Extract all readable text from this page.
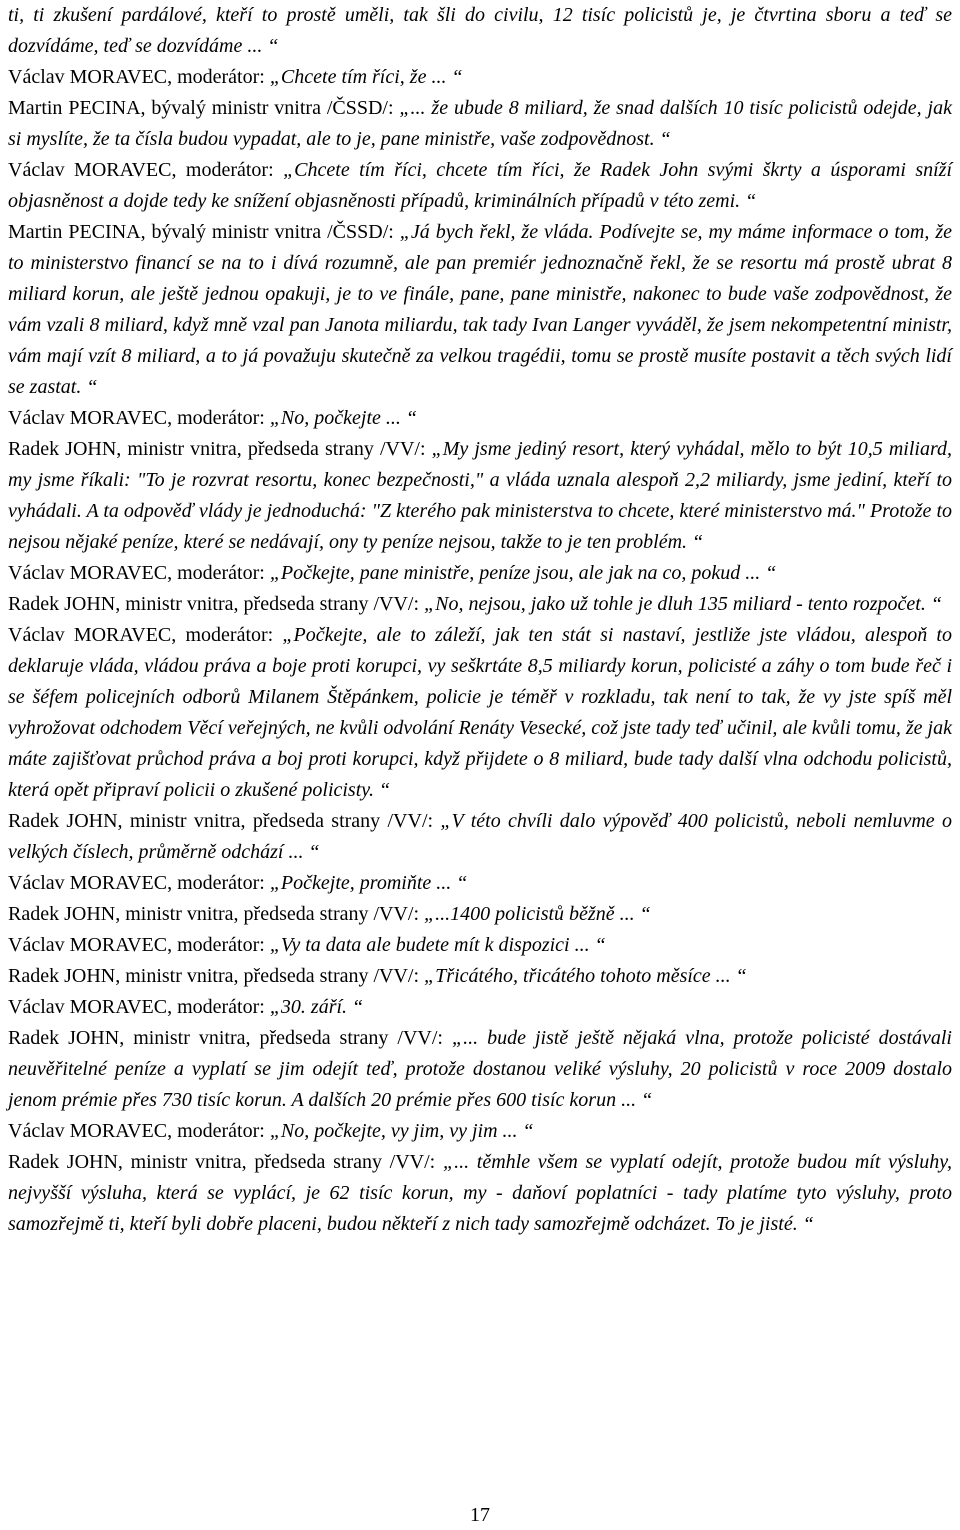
ti, ti zkušení pardálové, kteří to prostě uměli, tak šli do civilu, 12 tisíc policistů je, je čtvrtina sboru a teď se dozvídáme, teď se dozvídáme ... “

Václav MORAVEC, moderátor: „Chcete tím říci, že ... “

Martin PECINA, bývalý ministr vnitra /ČSSD/: „... že ubude 8 miliard, že snad dalších 10 tisíc policistů odejde, jak si myslíte, že ta čísla budou vypadat, ale to je, pane ministře, vaše zodpovědnost. “

Václav MORAVEC, moderátor: „Chcete tím říci, chcete tím říci, že Radek John svými škrty a úsporami sníží objasněnost a dojde tedy ke snížení objasněnosti případů, kriminálních případů v této zemi. “

Martin PECINA, bývalý ministr vnitra /ČSSD/: „Já bych řekl, že vláda. Podívejte se, my máme informace o tom, že to ministerstvo financí se na to i dívá rozumně, ale pan premiér jednoznačně řekl, že se resortu má prostě ubrat 8 miliard korun, ale ještě jednou opakuji, je to ve finále, pane, pane ministře, nakonec to bude vaše zodpovědnost, že vám vzali 8 miliard, když mně vzal pan Janota miliardu, tak tady Ivan Langer vyváděl, že jsem nekompetentní ministr, vám mají vzít 8 miliard, a to já považuju skutečně za velkou tragédii, tomu se prostě musíte postavit a těch svých lidí se zastat. “

Václav MORAVEC, moderátor: „No, počkejte ... “

Radek JOHN, ministr vnitra, předseda strany /VV/: „My jsme jediný resort, který vyhádal, mělo to být 10,5 miliard, my jsme říkali: "To je rozvrat resortu, konec bezpečnosti," a vláda uznala alespoň 2,2 miliardy, jsme jediní, kteří to vyhádali. A ta odpověď vlády je jednoduchá: "Z kterého pak ministerstva to chcete, které ministerstvo má." Protože to nejsou nějaké peníze, které se nedávají, ony ty peníze nejsou, takže to je ten problém. “

Václav MORAVEC, moderátor: „Počkejte, pane ministře, peníze jsou, ale jak na co, pokud ... “

Radek JOHN, ministr vnitra, předseda strany /VV/: „No, nejsou, jako už tohle je dluh 135 miliard - tento rozpočet. “

Václav MORAVEC, moderátor: „Počkejte, ale to záleží, jak ten stát si nastaví, jestliže jste vládou, alespoň to deklaruje vláda, vládou práva a boje proti korupci, vy seškrtáte 8,5 miliardy korun, policisté a záhy o tom bude řeč i se šéfem policejních odborů Milanem Štěpánkem, policie je téměř v rozkladu, tak není to tak, že vy jste spíš měl vyhrožovat odchodem Věcí veřejných, ne kvůli odvolání Renáty Vesecké, což jste tady teď učinil, ale kvůli tomu, že jak máte zajišťovat průchod práva a boj proti korupci, když přijdete o 8 miliard, bude tady další vlna odchodu policistů, která opět připraví policii o zkušené policisty. “

Radek JOHN, ministr vnitra, předseda strany /VV/: „V této chvíli dalo výpověď 400 policistů, neboli nemluvme o velkých číslech, průměrně odchází ... “

Václav MORAVEC, moderátor: „Počkejte, promiňte ... “

Radek JOHN, ministr vnitra, předseda strany /VV/: „...1400 policistů běžně ... “

Václav MORAVEC, moderátor: „Vy ta data ale budete mít k dispozici ... “

Radek JOHN, ministr vnitra, předseda strany /VV/: „Třicátého, třicátého tohoto měsíce ... “

Václav MORAVEC, moderátor: „30. září. “

Radek JOHN, ministr vnitra, předseda strany /VV/: „... bude jistě ještě nějaká vlna, protože policisté dostávali neuvěřitelné peníze a vyplatí se jim odejít teď, protože dostanou veliké výsluhy, 20 policistů v roce 2009 dostalo jenom prémie přes 730 tisíc korun. A dalších 20 prémie přes 600 tisíc korun ... “

Václav MORAVEC, moderátor: „No, počkejte, vy jim, vy jim ... “

Radek JOHN, ministr vnitra, předseda strany /VV/: „... těmhle všem se vyplatí odejít, protože budou mít výsluhy, nejvyšší výsluha, která se vyplácí, je 62 tisíc korun, my - daňoví poplatníci - tady platíme tyto výsluhy, proto samozřejmě ti, kteří byli dobře placeni, budou někteří z nich tady samozřejmě odcházet. To je jisté. “

17
